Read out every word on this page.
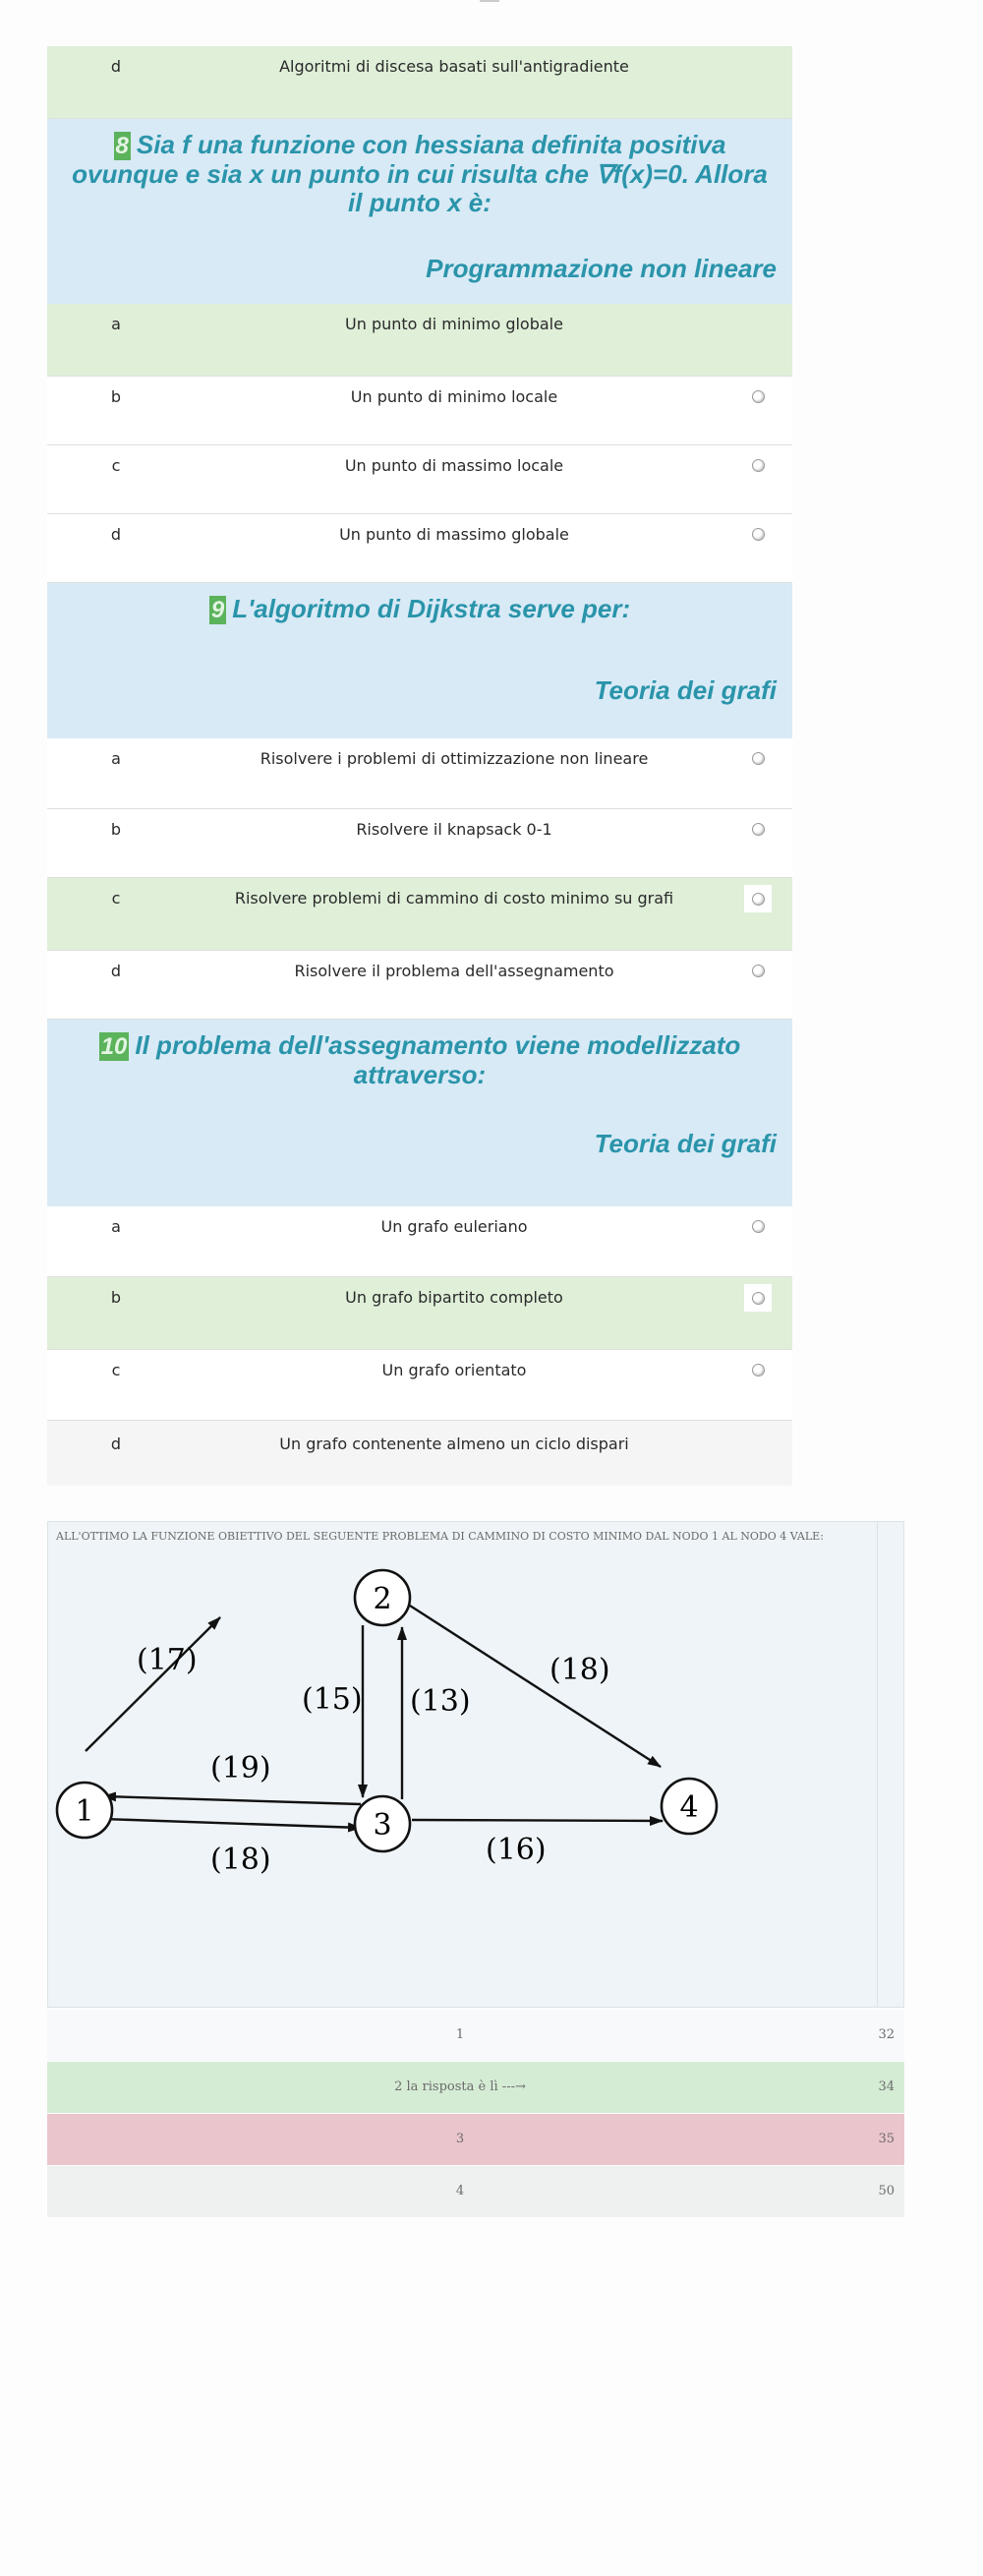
d	Algoritmi di discesa basati sull'antigradiente
8 Sia f una funzione con hessiana definita positiva ovunque e sia x un punto in cui risulta che ∇f(x)=0. Allora il punto x è:
Programmazione non lineare
a	Un punto di minimo globale
b	Un punto di minimo locale
c	Un punto di massimo locale
d	Un punto di massimo globale
9 L'algoritmo di Dijkstra serve per:
Teoria dei grafi
a	Risolvere i problemi di ottimizzazione non lineare
b	Risolvere il knapsack 0-1
c	Risolvere problemi di cammino di costo minimo su grafi
d	Risolvere il problema dell'assegnamento
10 Il problema dell'assegnamento viene modellizzato attraverso:
Teoria dei grafi
a	Un grafo euleriano
b	Un grafo bipartito completo
c	Un grafo orientato
d	Un grafo contenente almeno un ciclo dispari
ALL'OTTIMO LA FUNZIONE OBIETTIVO DEL SEGUENTE PROBLEMA DI CAMMINO DI COSTO MINIMO DAL NODO 1 AL NODO 4 VALE:
1
2
3
4
(17)
(15) (13)
(18)
(19)
(18)	(16)
1	32
2 la risposta è lì ---→	34
3	35
4	50
